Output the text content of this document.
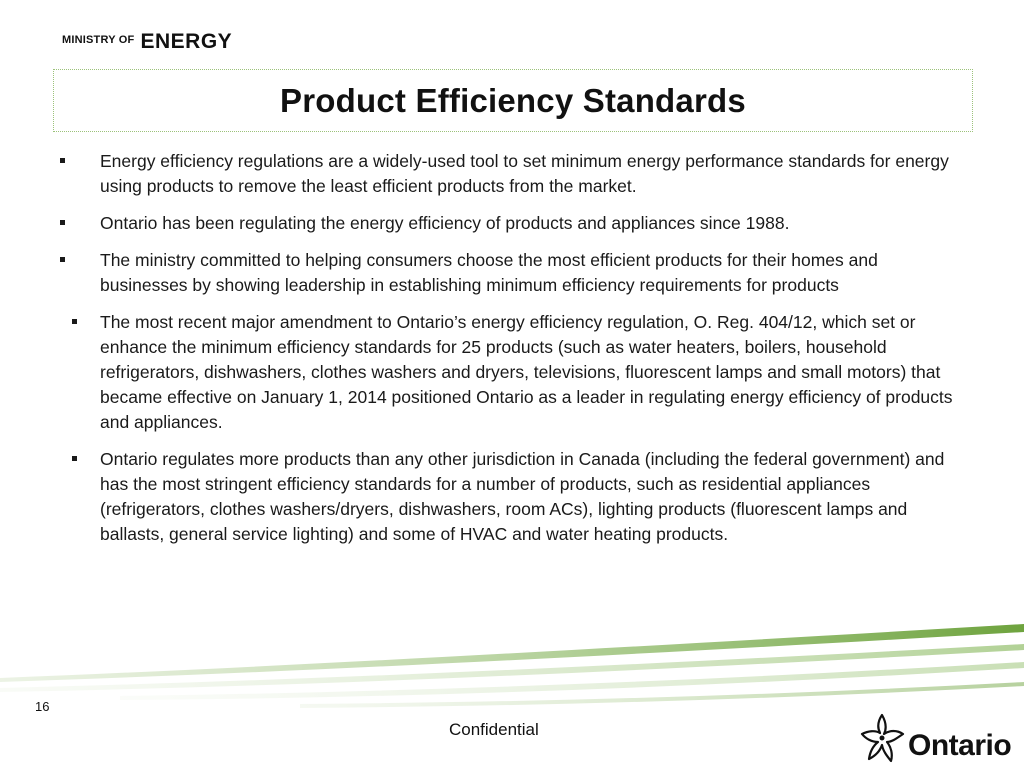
MINISTRY OF ENERGY
Product Efficiency Standards
Energy efficiency regulations are a widely-used tool to set minimum energy performance standards for energy using products to remove the least efficient products from the market.
Ontario has been regulating the energy efficiency of products and appliances since 1988.
The ministry committed to helping consumers choose the most efficient products for their homes and businesses by showing leadership in establishing minimum efficiency requirements for products
The most recent major amendment to Ontario’s energy efficiency regulation, O. Reg. 404/12, which set or enhance the minimum efficiency standards for 25 products (such as water heaters, boilers, household refrigerators, dishwashers, clothes washers and dryers, televisions, fluorescent lamps and small motors) that became effective on January 1, 2014 positioned Ontario as a leader in regulating energy efficiency of products and appliances.
Ontario regulates more products than any other jurisdiction in Canada (including the federal government) and has the most stringent efficiency standards for a number of products, such as residential appliances (refrigerators, clothes washers/dryers, dishwashers, room ACs), lighting products (fluorescent lamps and ballasts, general service lighting) and some of HVAC and water heating products.
16
Confidential	Ontario
